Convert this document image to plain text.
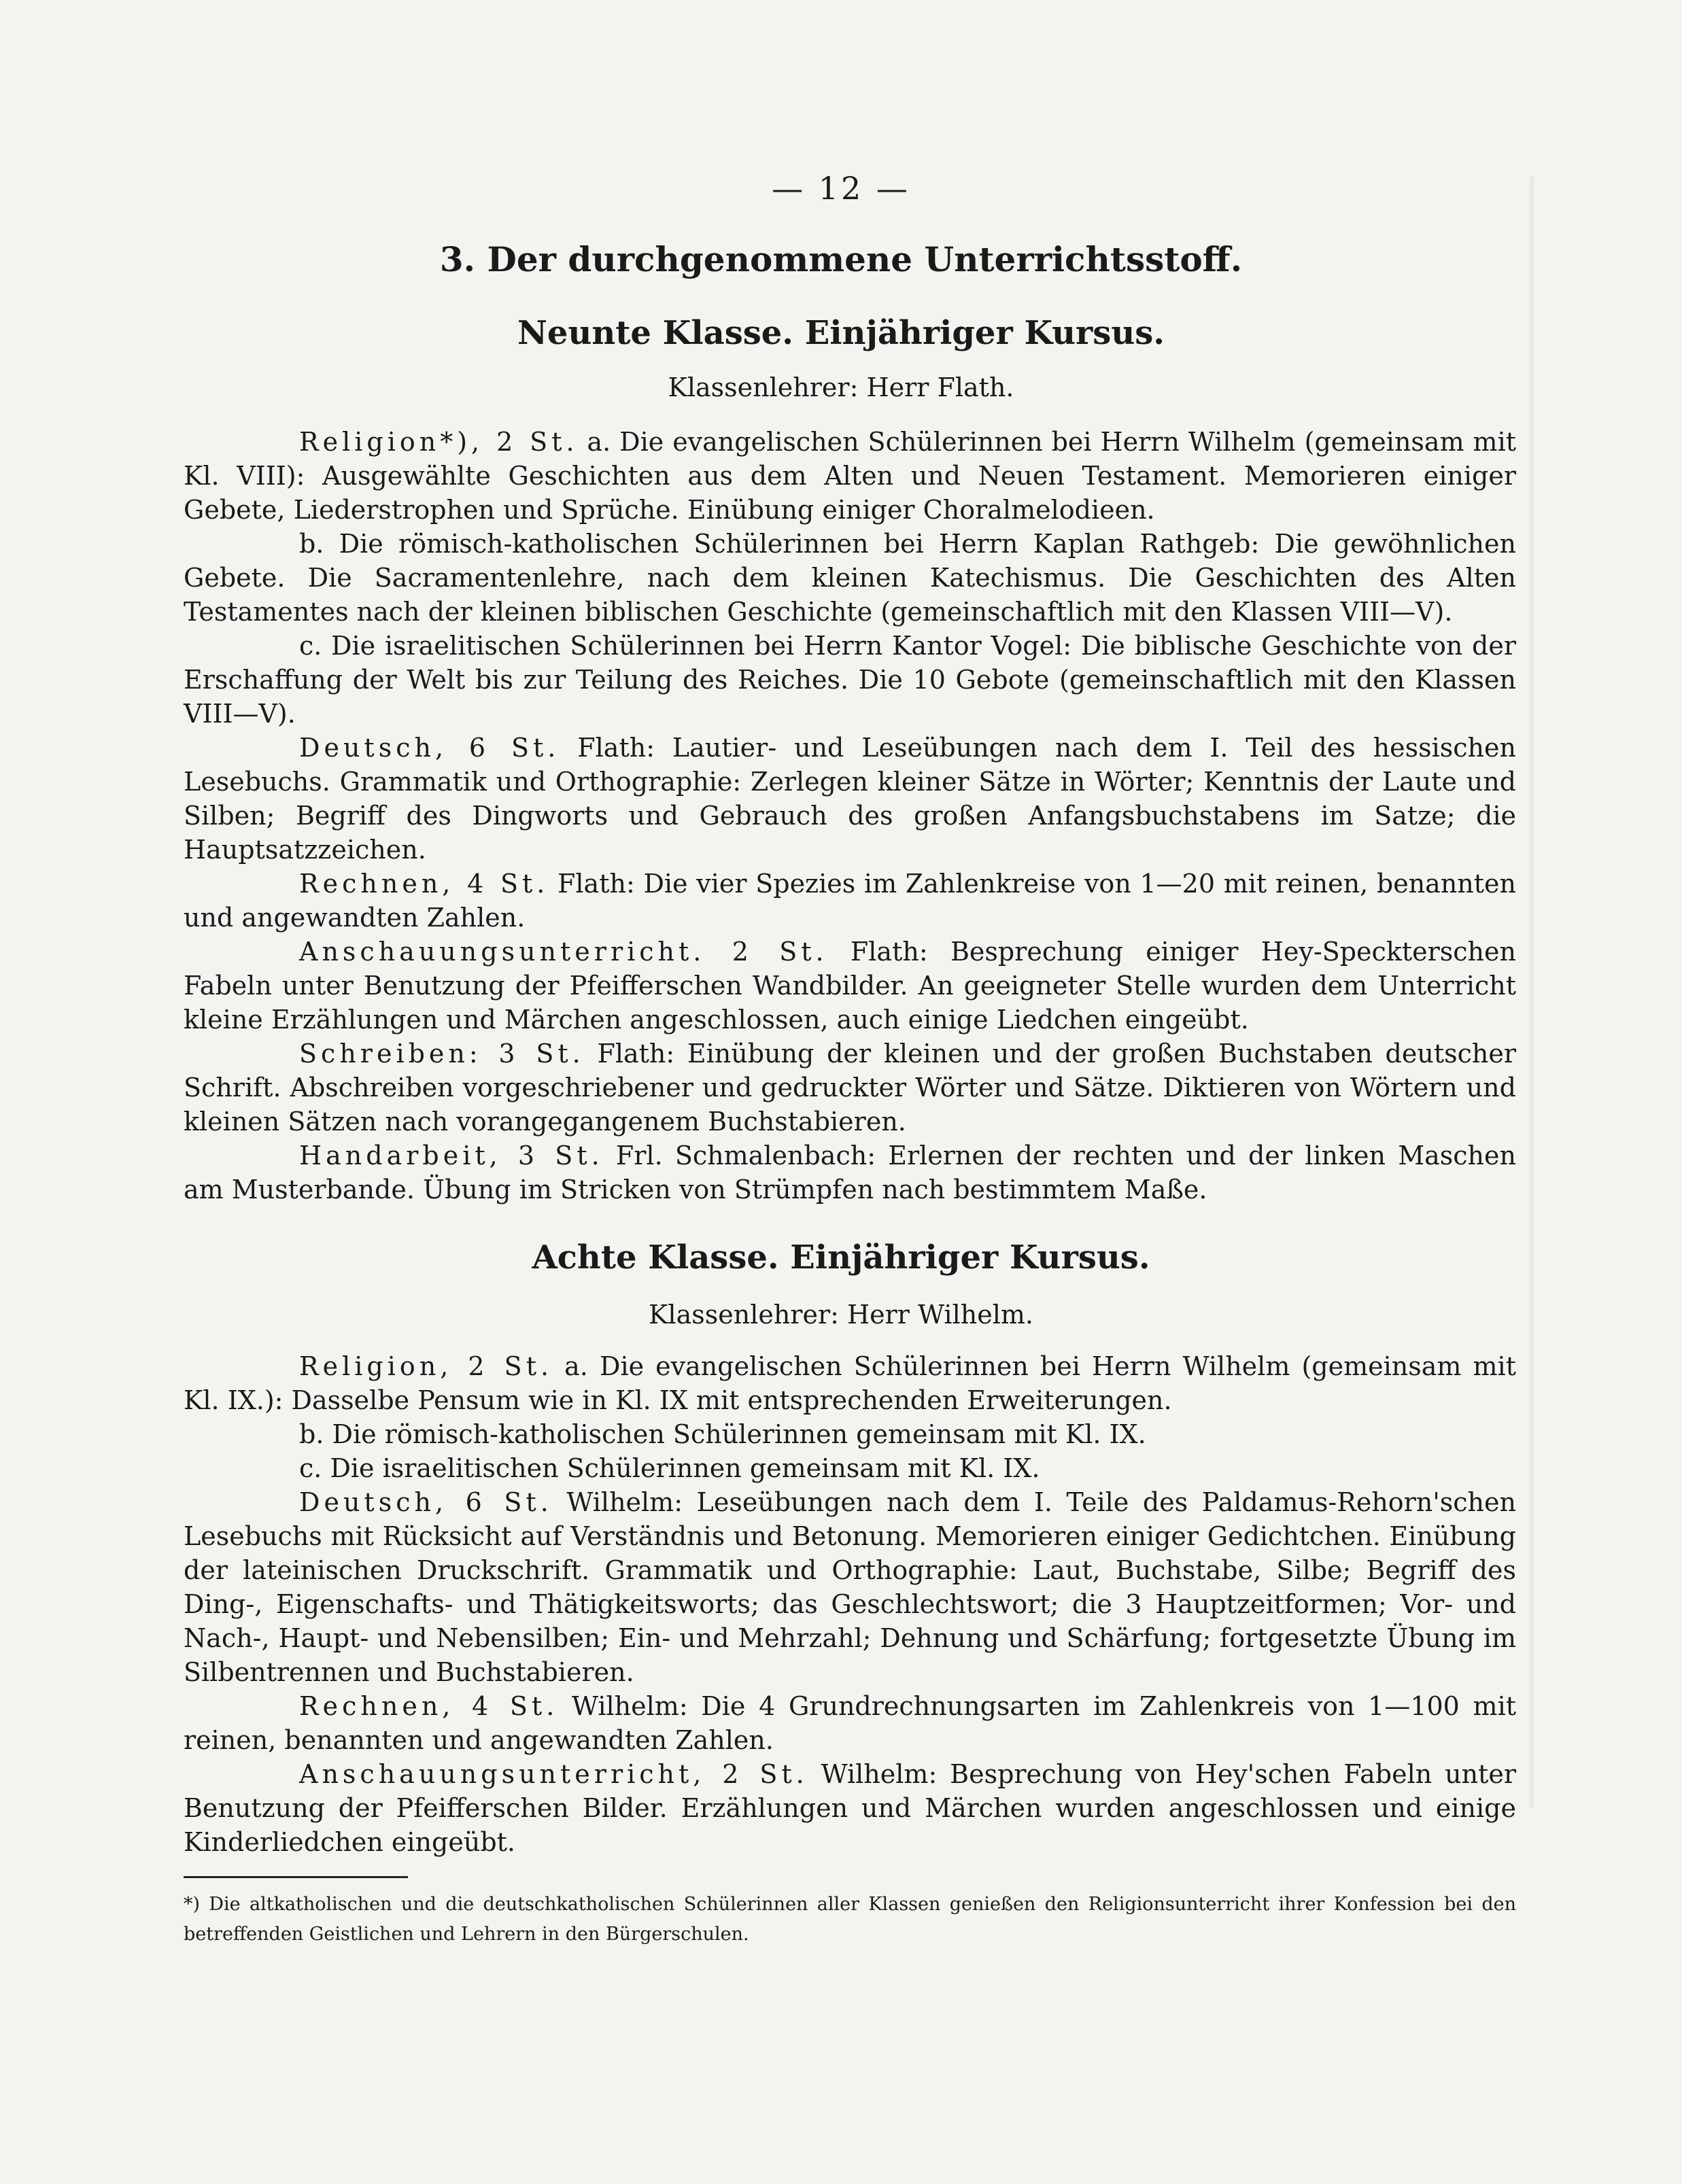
— 12 —
3. Der durchgenommene Unterrichtsstoff.
Neunte Klasse. Einjähriger Kursus.
Klassenlehrer: Herr Flath.

Religion*), 2 St. a. Die evangelischen Schülerinnen bei Herrn Wilhelm (gemeinsam mit Kl. VIII): Ausgewählte Geschichten aus dem Alten und Neuen Testament. Memorieren einiger Gebete, Liederstrophen und Sprüche. Einübung einiger Choralmelodieen.

b. Die römisch-katholischen Schülerinnen bei Herrn Kaplan Rathgeb: Die gewöhnlichen Gebete. Die Sacramentenlehre, nach dem kleinen Katechismus. Die Geschichten des Alten Testamentes nach der kleinen biblischen Geschichte (gemeinschaftlich mit den Klassen VIII—V).

c. Die israelitischen Schülerinnen bei Herrn Kantor Vogel: Die biblische Geschichte von der Erschaffung der Welt bis zur Teilung des Reiches. Die 10 Gebote (gemeinschaftlich mit den Klassen VIII—V).

Deutsch, 6 St. Flath: Lautier- und Leseübungen nach dem I. Teil des hessischen Lesebuchs. Grammatik und Orthographie: Zerlegen kleiner Sätze in Wörter; Kenntnis der Laute und Silben; Begriff des Dingworts und Gebrauch des großen Anfangsbuchstabens im Satze; die Hauptsatzzeichen.

Rechnen, 4 St. Flath: Die vier Spezies im Zahlenkreise von 1—20 mit reinen, benannten und angewandten Zahlen.

Anschauungsunterricht. 2 St. Flath: Besprechung einiger Hey-Speckterschen Fabeln unter Benutzung der Pfeifferschen Wandbilder. An geeigneter Stelle wurden dem Unterricht kleine Erzählungen und Märchen angeschlossen, auch einige Liedchen eingeübt.

Schreiben: 3 St. Flath: Einübung der kleinen und der großen Buchstaben deutscher Schrift. Abschreiben vorgeschriebener und gedruckter Wörter und Sätze. Diktieren von Wörtern und kleinen Sätzen nach vorangegangenem Buchstabieren.

Handarbeit, 3 St. Frl. Schmalenbach: Erlernen der rechten und der linken Maschen am Musterbande. Übung im Stricken von Strümpfen nach bestimmtem Maße.

Achte Klasse. Einjähriger Kursus.
Klassenlehrer: Herr Wilhelm.

Religion, 2 St. a. Die evangelischen Schülerinnen bei Herrn Wilhelm (gemeinsam mit Kl. IX.): Dasselbe Pensum wie in Kl. IX mit entsprechenden Erweiterungen.

b. Die römisch-katholischen Schülerinnen gemeinsam mit Kl. IX.

c. Die israelitischen Schülerinnen gemeinsam mit Kl. IX.

Deutsch, 6 St. Wilhelm: Leseübungen nach dem I. Teile des Paldamus-Rehorn'schen Lesebuchs mit Rücksicht auf Verständnis und Betonung. Memorieren einiger Gedichtchen. Einübung der lateinischen Druckschrift. Grammatik und Orthographie: Laut, Buchstabe, Silbe; Begriff des Ding-, Eigenschafts- und Thätigkeitsworts; das Geschlechtswort; die 3 Hauptzeitformen; Vor- und Nach-, Haupt- und Nebensilben; Ein- und Mehrzahl; Dehnung und Schärfung; fortgesetzte Übung im Silbentrennen und Buchstabieren.

Rechnen, 4 St. Wilhelm: Die 4 Grundrechnungsarten im Zahlenkreis von 1—100 mit reinen, benannten und angewandten Zahlen.

Anschauungsunterricht, 2 St. Wilhelm: Besprechung von Hey'schen Fabeln unter Benutzung der Pfeifferschen Bilder. Erzählungen und Märchen wurden angeschlossen und einige Kinderliedchen eingeübt.

*) Die altkatholischen und die deutschkatholischen Schülerinnen aller Klassen genießen den Religionsunterricht ihrer Konfession bei den betreffenden Geistlichen und Lehrern in den Bürgerschulen.
